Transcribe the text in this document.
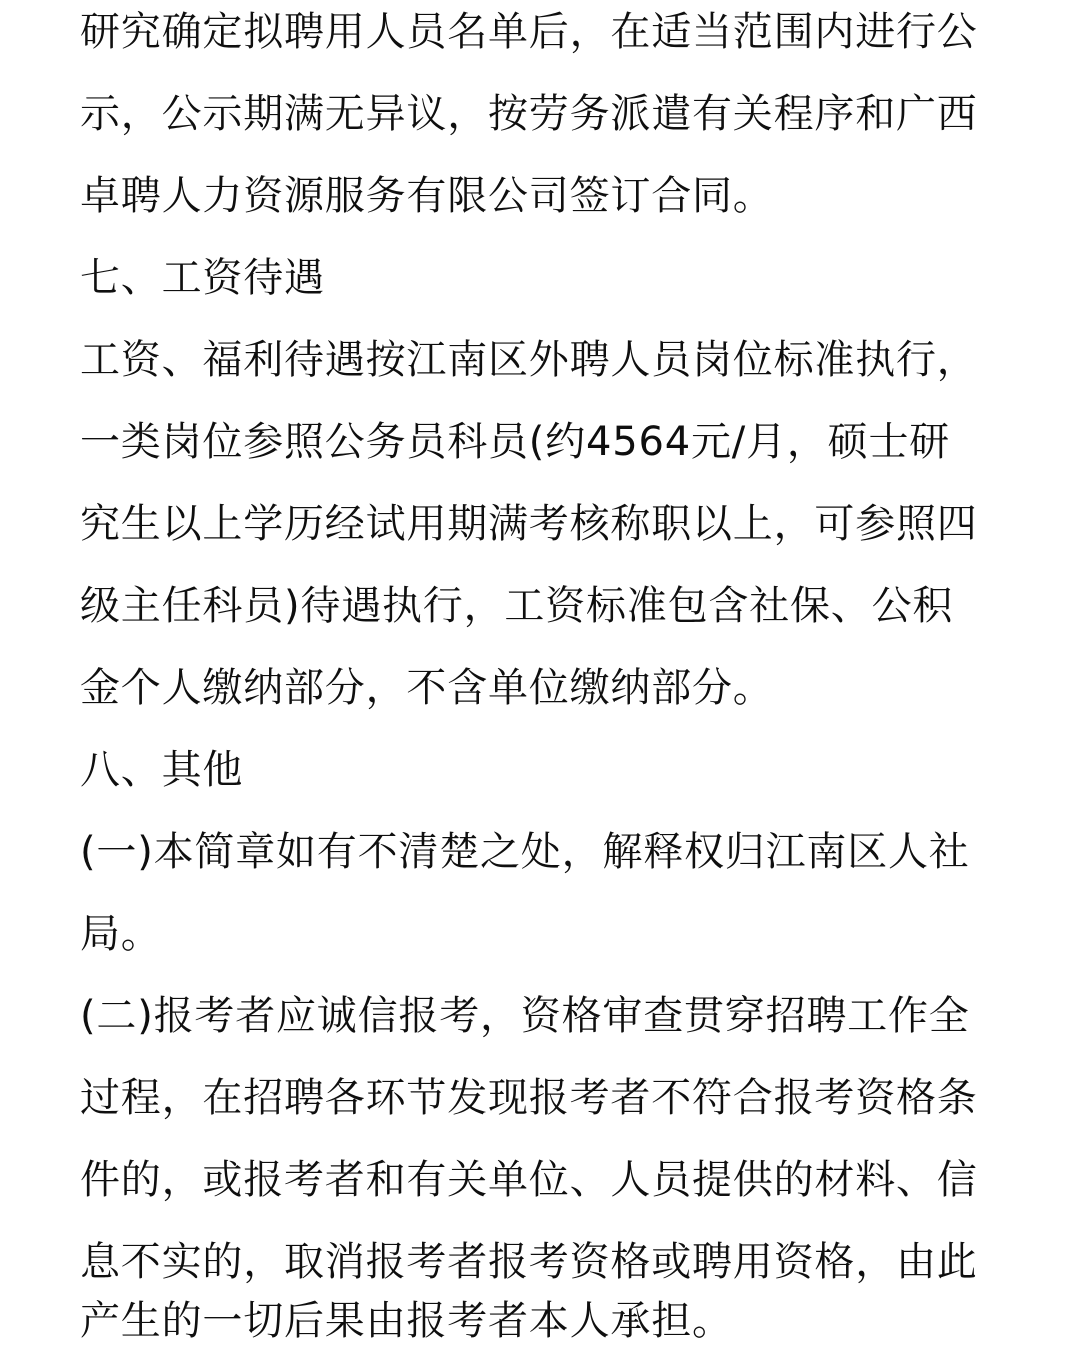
研究确定拟聘用人员名单后，在适当范围内进行公
示，公示期满无异议，按劳务派遣有关程序和广西
卓聘人力资源服务有限公司签订合同。
七、工资待遇
工资、福利待遇按江南区外聘人员岗位标准执行，
一类岗位参照公务员科员(约4564元/月，硕士研
究生以上学历经试用期满考核称职以上，可参照四
级主任科员)待遇执行，工资标准包含社保、公积
金个人缴纳部分，不含单位缴纳部分。
八、其他
(一)本简章如有不清楚之处，解释权归江南区人社
局。
(二)报考者应诚信报考，资格审查贯穿招聘工作全
过程，在招聘各环节发现报考者不符合报考资格条
件的，或报考者和有关单位、人员提供的材料、信
息不实的，取消报考者报考资格或聘用资格，由此
产生的一切后果由报考者本人承担。
